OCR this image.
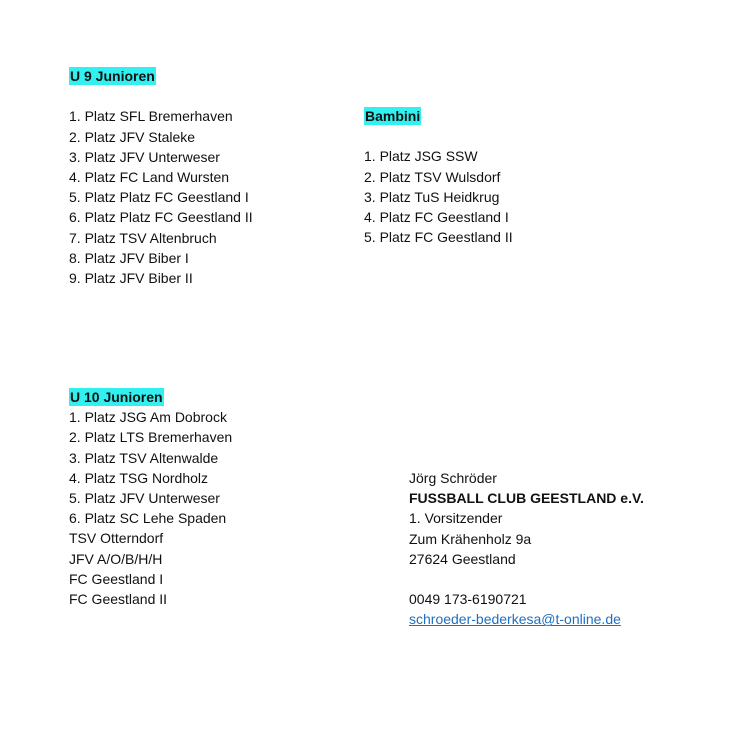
U 9 Junioren
1. Platz SFL Bremerhaven
2. Platz JFV Staleke
3. Platz JFV Unterweser
4. Platz FC Land Wursten
5. Platz Platz FC Geestland I
6. Platz Platz FC Geestland II
7. Platz TSV Altenbruch
8. Platz JFV Biber I
9. Platz JFV Biber II
Bambini
1. Platz JSG SSW
2. Platz TSV Wulsdorf
3. Platz TuS Heidkrug
4. Platz FC Geestland I
5. Platz FC Geestland II
U 10 Junioren
1. Platz JSG Am Dobrock
2. Platz LTS Bremerhaven
3. Platz TSV Altenwalde
4. Platz TSG Nordholz
5. Platz JFV Unterweser
6. Platz SC Lehe Spaden
TSV Otterndorf
JFV A/O/B/H/H
FC Geestland I
FC Geestland II
Jörg Schröder
FUSSBALL CLUB GEESTLAND e.V.
1. Vorsitzender
Zum Krähenholz 9a
27624 Geestland
0049 173-6190721
schroeder-bederkesa@t-online.de
